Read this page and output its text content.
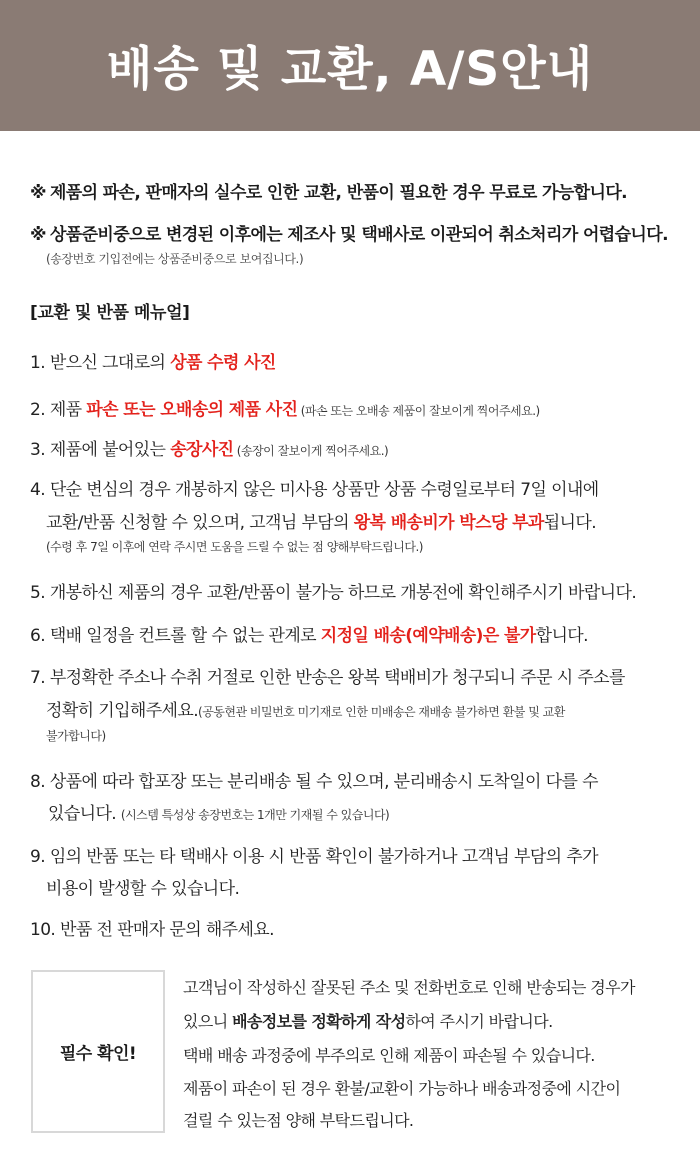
배송 및 교환, A/S안내
※ 제품의 파손, 판매자의 실수로 인한 교환, 반품이 필요한 경우 무료로 가능합니다.
※ 상품준비중으로 변경된 이후에는 제조사 및 택배사로 이관되어 취소처리가 어렵습니다.
(송장번호 기입전에는 상품준비중으로 보여집니다.)
[교환 및 반품 메뉴얼]
1. 받으신 그대로의 상품 수령 사진
2. 제품 파손 또는 오배송의 제품 사진 (파손 또는 오배송 제품이 잘보이게 찍어주세요.)
3. 제품에 붙어있는 송장사진 (송장이 잘보이게 찍어주세요.)
4. 단순 변심의 경우 개봉하지 않은 미사용 상품만 상품 수령일로부터 7일 이내에
교환/반품 신청할 수 있으며, 고객님 부담의 왕복 배송비가 박스당 부과됩니다.
(수령 후 7일 이후에 연락 주시면 도움을 드릴 수 없는 점 양해부탁드립니다.)
5. 개봉하신 제품의 경우 교환/반품이 불가능 하므로 개봉전에 확인해주시기 바랍니다.
6. 택배 일정을 컨트롤 할 수 없는 관계로 지정일 배송(예약배송)은 불가합니다.
7. 부정확한 주소나 수취 거절로 인한 반송은 왕복 택배비가 청구되니 주문 시 주소를
정확히 기입해주세요.(공동현관 비밀번호 미기재로 인한 미배송은 재배송 불가하면 환불 및 교환
불가합니다)
8. 상품에 따라 합포장 또는 분리배송 될 수 있으며, 분리배송시 도착일이 다를 수
있습니다. (시스템 특성상 송장번호는 1개만 기재될 수 있습니다)
9. 임의 반품 또는 타 택배사 이용 시 반품 확인이 불가하거나 고객님 부담의 추가
비용이 발생할 수 있습니다.
10. 반품 전 판매자 문의 해주세요.
필수 확인!
고객님이 작성하신 잘못된 주소 및 전화번호로 인해 반송되는 경우가
있으니 배송정보를 정확하게 작성하여 주시기 바랍니다.
택배 배송 과정중에 부주의로 인해 제품이 파손될 수 있습니다.
제품이 파손이 된 경우 환불/교환이 가능하나 배송과정중에 시간이
걸릴 수 있는점 양해 부탁드립니다.
